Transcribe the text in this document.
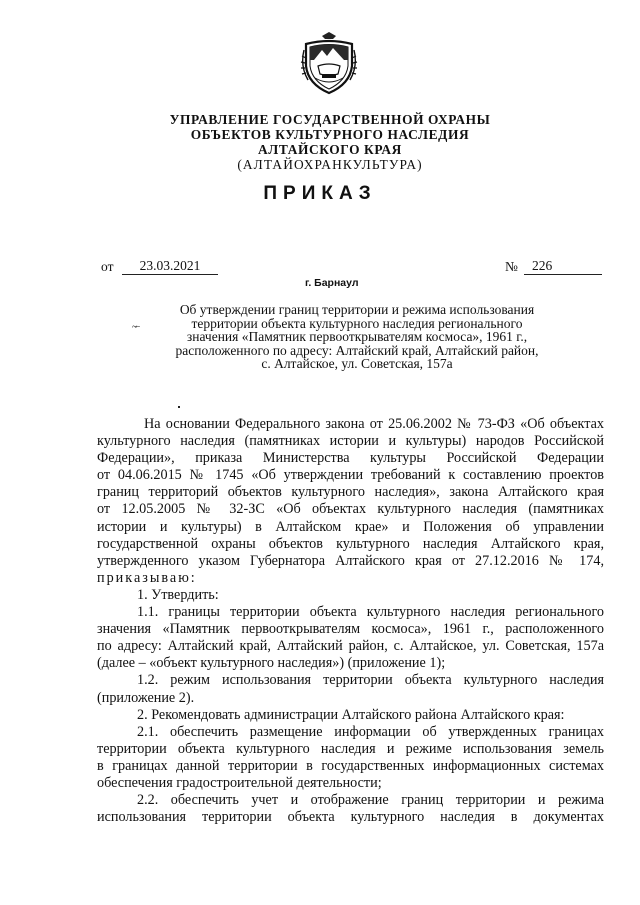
УПРАВЛЕНИЕ ГОСУДАРСТВЕННОЙ ОХРАНЫ
ОБЪЕКТОВ КУЛЬТУРНОГО НАСЛЕДИЯ
АЛТАЙСКОГО КРАЯ
(АЛТАЙОХРАНКУЛЬТУРА)
ПРИКАЗ
от	23.03.2021	№	226
г. Барнаул
Об утверждении границ территории и режима использования
территории объекта культурного наследия регионального
значения «Памятник первооткрывателям космоса», 1961 г.,
расположенного по адресу: Алтайский край, Алтайский район,
с. Алтайское, ул. Советская, 157а
~̶
На основании Федерального закона от 25.06.2002 № 73-ФЗ «Об объектах
культурного наследия (памятниках истории и культуры) народов Российской
Федерации», приказа Министерства культуры Российской Федерации
от 04.06.2015 № 1745 «Об утверждении требований к составлению проектов
границ территорий объектов культурного наследия», закона Алтайского края
от 12.05.2005 № 32-ЗС «Об объектах культурного наследия (памятниках
истории и культуры) в Алтайском крае» и Положения об управлении
государственной охраны объектов культурного наследия Алтайского края,
утвержденного указом Губернатора Алтайского края от 27.12.2016 № 174,
приказываю:
1. Утвердить:
1.1. границы территории объекта культурного наследия регионального
значения «Памятник первооткрывателям космоса», 1961 г., расположенного
по адресу: Алтайский край, Алтайский район, с. Алтайское, ул. Советская, 157а
(далее – «объект культурного наследия») (приложение 1);
1.2. режим использования территории объекта культурного наследия
(приложение 2).
2. Рекомендовать администрации Алтайского района Алтайского края:
2.1. обеспечить размещение информации об утвержденных границах
территории объекта культурного наследия и режиме использования земель
в границах данной территории в государственных информационных системах
обеспечения градостроительной деятельности;
2.2. обеспечить учет и отображение границ территории и режима
использования территории объекта культурного наследия в документах
